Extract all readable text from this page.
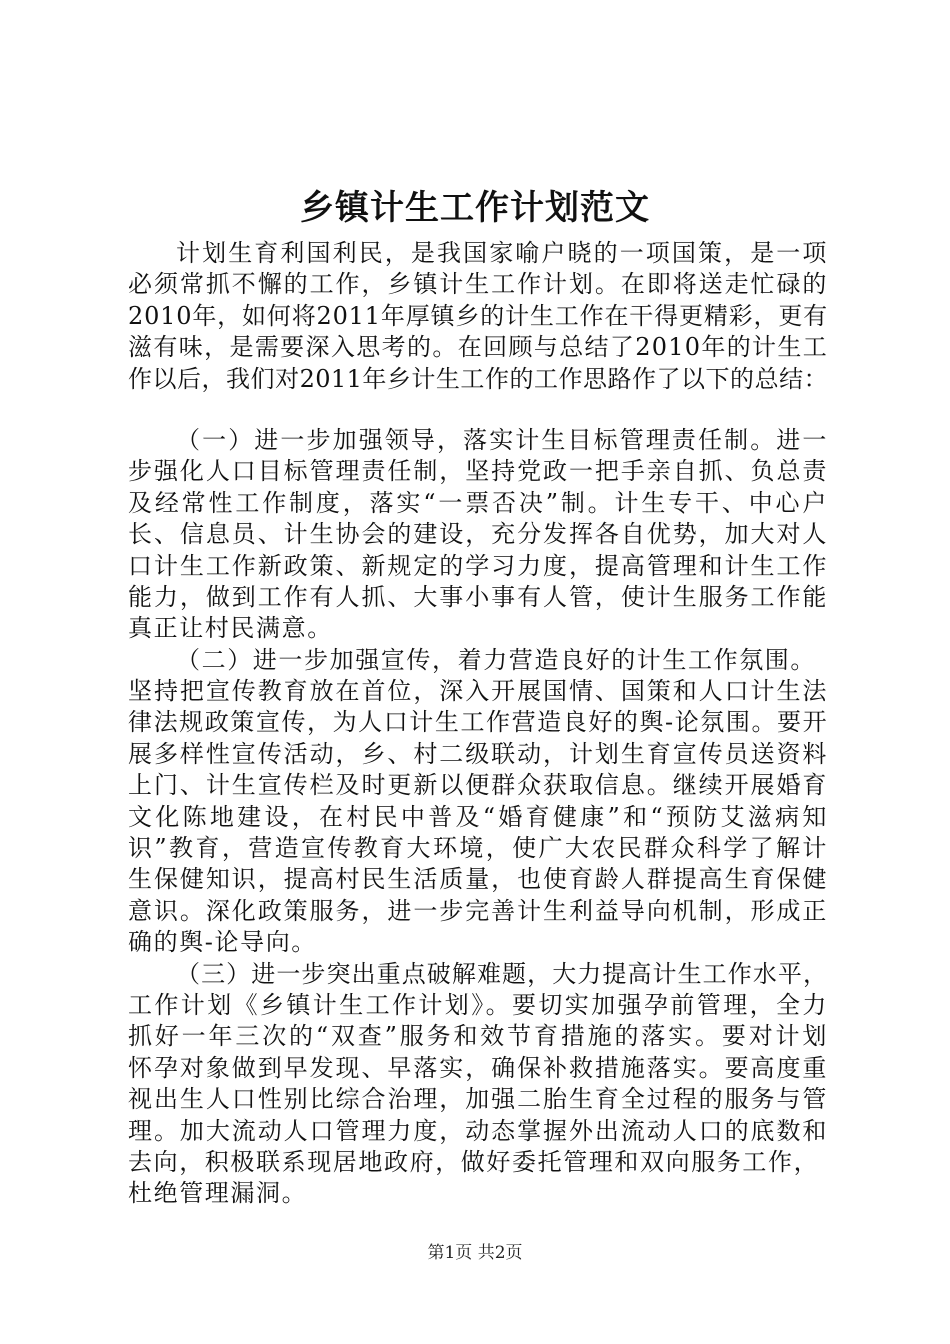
乡镇计生工作计划范文
计划生育利国利民，是我国家喻户晓的一项国策，是一项
必须常抓不懈的工作，乡镇计生工作计划。在即将送走忙碌的
2010年，如何将2011年厚镇乡的计生工作在干得更精彩，更有
滋有味，是需要深入思考的。在回顾与总结了2010年的计生工
作以后，我们对2011年乡计生工作的工作思路作了以下的总结：
（一）进一步加强领导，落实计生目标管理责任制。进一
步强化人口目标管理责任制，坚持党政一把手亲自抓、负总责
及经常性工作制度，落实“一票否决”制。计生专干、中心户
长、信息员、计生协会的建设，充分发挥各自优势，加大对人
口计生工作新政策、新规定的学习力度，提高管理和计生工作
能力，做到工作有人抓、大事小事有人管，使计生服务工作能
真正让村民满意。
（二）进一步加强宣传，着力营造良好的计生工作氛围。
坚持把宣传教育放在首位，深入开展国情、国策和人口计生法
律法规政策宣传，为人口计生工作营造良好的舆-论氛围。要开
展多样性宣传活动，乡、村二级联动，计划生育宣传员送资料
上门、计生宣传栏及时更新以便群众获取信息。继续开展婚育
文化陈地建设，在村民中普及“婚育健康”和“预防艾滋病知
识”教育，营造宣传教育大环境，使广大农民群众科学了解计
生保健知识，提高村民生活质量，也使育龄人群提高生育保健
意识。深化政策服务，进一步完善计生利益导向机制，形成正
确的舆-论导向。
（三）进一步突出重点破解难题，大力提高计生工作水平，
工作计划《乡镇计生工作计划》。要切实加强孕前管理，全力
抓好一年三次的“双查”服务和效节育措施的落实。要对计划
怀孕对象做到早发现、早落实，确保补救措施落实。要高度重
视出生人口性别比综合治理，加强二胎生育全过程的服务与管
理。加大流动人口管理力度，动态掌握外出流动人口的底数和
去向，积极联系现居地政府，做好委托管理和双向服务工作，
杜绝管理漏洞。
第1页 共2页
